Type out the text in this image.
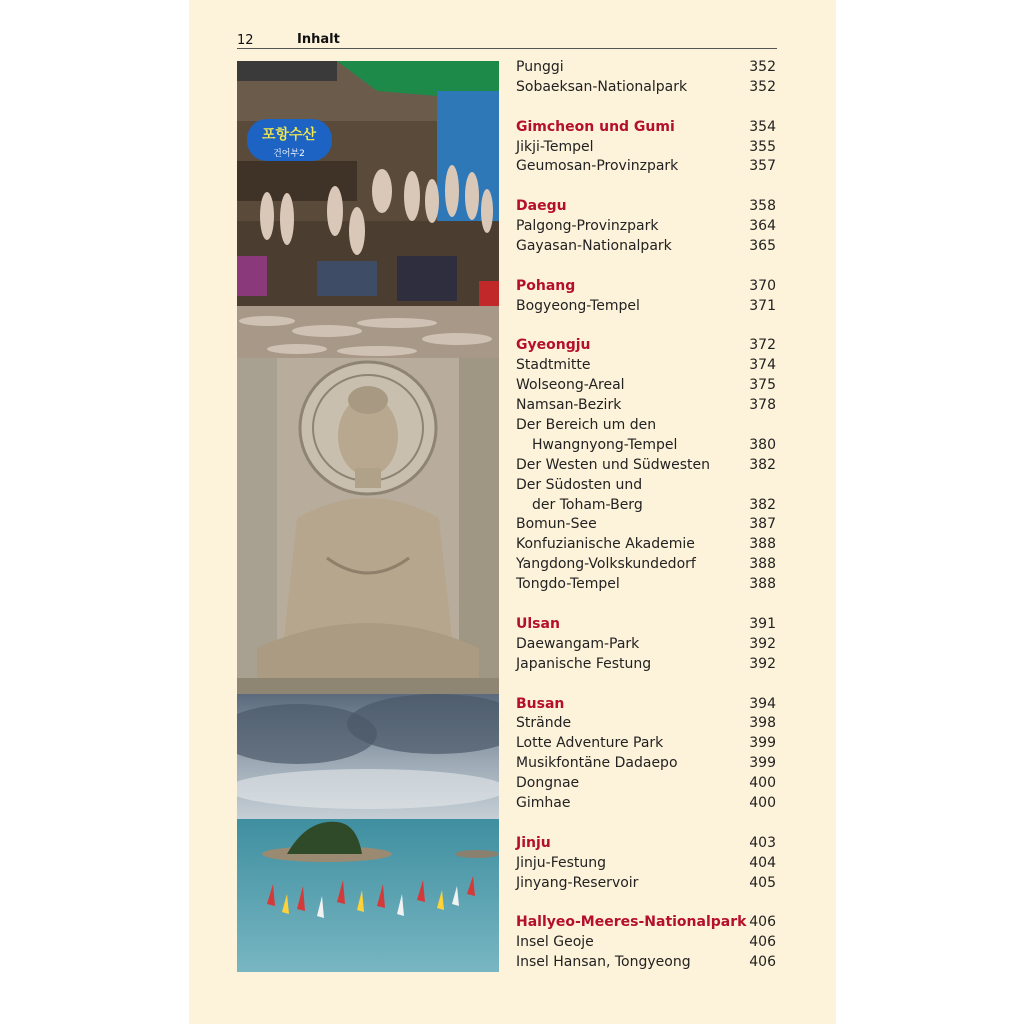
12	Inhalt
포항수산
건어부2
Punggi	352
Sobaeksan-Nationalpark	352
Gimcheon und Gumi	354
Jikji-Tempel	355
Geumosan-Provinzpark	357
Daegu	358
Palgong-Provinzpark	364
Gayasan-Nationalpark	365
Pohang	370
Bogyeong-Tempel	371
Gyeongju	372
Stadtmitte	374
Wolseong-Areal	375
Namsan-Bezirk	378
Der Bereich um den
Hwangnyong-Tempel	380
Der Westen und Südwesten	382
Der Südosten und
der Toham-Berg	382
Bomun-See	387
Konfuzianische Akademie	388
Yangdong-Volkskundedorf	388
Tongdo-Tempel	388
Ulsan	391
Daewangam-Park	392
Japanische Festung	392
Busan	394
Strände	398
Lotte Adventure Park	399
Musikfontäne Dadaepo	399
Dongnae	400
Gimhae	400
Jinju	403
Jinju-Festung	404
Jinyang-Reservoir	405
Hallyeo-Meeres-Nationalpark 406
Insel Geoje	406
Insel Hansan, Tongyeong	406
